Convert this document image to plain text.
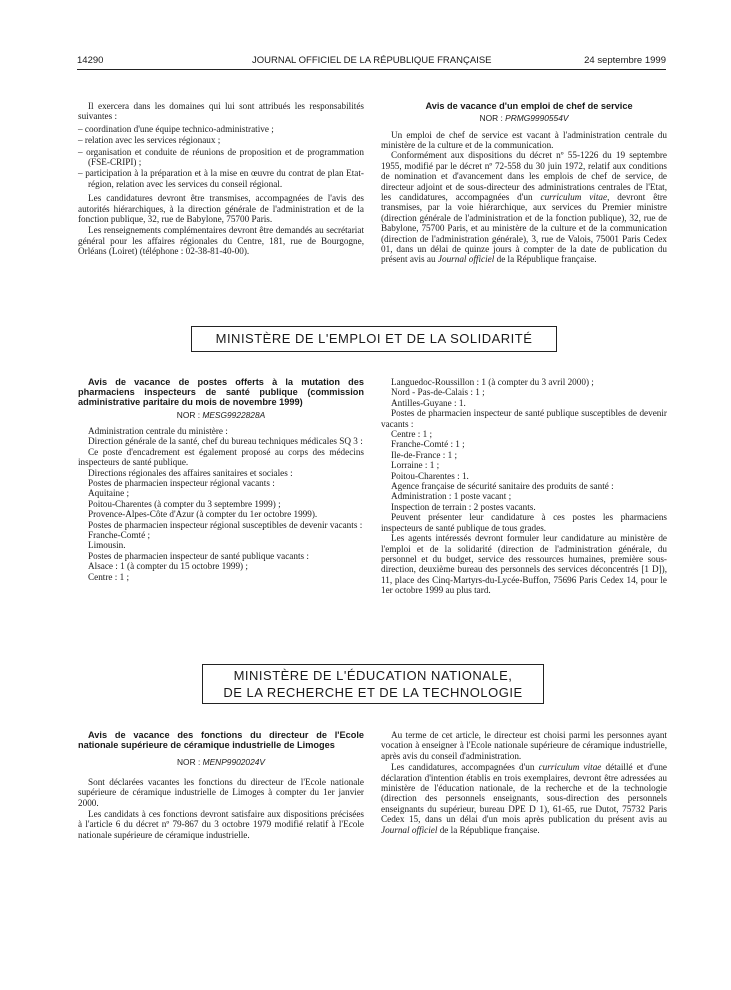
14290	JOURNAL OFFICIEL DE LA RÉPUBLIQUE FRANÇAISE	24 septembre 1999

Il exercera dans les domaines qui lui sont attribués les responsabilités suivantes :

– coordination d'une équipe technico-administrative ;
– relation avec les services régionaux ;
– organisation et conduite de réunions de proposition et de programmation (FSE-CRIPI) ;
– participation à la préparation et à la mise en œuvre du contrat de plan Etat-région, relation avec les services du conseil régional.

Les candidatures devront être transmises, accompagnées de l'avis des autorités hiérarchiques, à la direction générale de l'administration et de la fonction publique, 32, rue de Babylone, 75700 Paris.

Les renseignements complémentaires devront être demandés au secrétariat général pour les affaires régionales du Centre, 181, rue de Bourgogne, Orléans (Loiret) (téléphone : 02-38-81-40-00).

Avis de vacance d'un emploi de chef de service

NOR : PRMG9990554V

Un emploi de chef de service est vacant à l'administration centrale du ministère de la culture et de la communication.

Conformément aux dispositions du décret nº 55-1226 du 19 septembre 1955, modifié par le décret nº 72-558 du 30 juin 1972, relatif aux conditions de nomination et d'avancement dans les emplois de chef de service, de directeur adjoint et de sous-directeur des administrations centrales de l'Etat, les candidatures, accompagnées d'un curriculum vitae, devront être transmises, par la voie hiérarchique, aux services du Premier ministre (direction générale de l'administration et de la fonction publique), 32, rue de Babylone, 75700 Paris, et au ministère de la culture et de la communication (direction de l'administration générale), 3, rue de Valois, 75001 Paris Cedex 01, dans un délai de quinze jours à compter de la date de publication du présent avis au Journal officiel de la République française.

MINISTÈRE DE L'EMPLOI ET DE LA SOLIDARITÉ

Avis de vacance de postes offerts à la mutation des pharmaciens inspecteurs de santé publique (commission administrative paritaire du mois de novembre 1999)

NOR : MESG9922828A

Administration centrale du ministère :

Direction générale de la santé, chef du bureau techniques médicales SQ 3 :

Ce poste d'encadrement est également proposé au corps des médecins inspecteurs de santé publique.

Directions régionales des affaires sanitaires et sociales :

Postes de pharmacien inspecteur régional vacants :

Aquitaine ;

Poitou-Charentes (à compter du 3 septembre 1999) ;

Provence-Alpes-Côte d'Azur (à compter du 1er octobre 1999).

Postes de pharmacien inspecteur régional susceptibles de devenir vacants :

Franche-Comté ;

Limousin.

Postes de pharmacien inspecteur de santé publique vacants :

Alsace : 1 (à compter du 15 octobre 1999) ;

Centre : 1 ;

Languedoc-Roussillon : 1 (à compter du 3 avril 2000) ;

Nord - Pas-de-Calais : 1 ;

Antilles-Guyane : 1.

Postes de pharmacien inspecteur de santé publique susceptibles de devenir vacants :

Centre : 1 ;

Franche-Comté : 1 ;

Ile-de-France : 1 ;

Lorraine : 1 ;

Poitou-Charentes : 1.

Agence française de sécurité sanitaire des produits de santé :

Administration : 1 poste vacant ;

Inspection de terrain : 2 postes vacants.

Peuvent présenter leur candidature à ces postes les pharmaciens inspecteurs de santé publique de tous grades.

Les agents intéressés devront formuler leur candidature au ministère de l'emploi et de la solidarité (direction de l'administration générale, du personnel et du budget, service des ressources humaines, première sous-direction, deuxième bureau des personnels des services déconcentrés [1 D]), 11, place des Cinq-Martyrs-du-Lycée-Buffon, 75696 Paris Cedex 14, pour le 1er octobre 1999 au plus tard.

MINISTÈRE DE L'ÉDUCATION NATIONALE,
DE LA RECHERCHE ET DE LA TECHNOLOGIE

Avis de vacance des fonctions du directeur de l'Ecole nationale supérieure de céramique industrielle de Limoges

NOR : MENP9902024V

Sont déclarées vacantes les fonctions du directeur de l'Ecole nationale supérieure de céramique industrielle de Limoges à compter du 1er janvier 2000.

Les candidats à ces fonctions devront satisfaire aux dispositions précisées à l'article 6 du décret nº 79-867 du 3 octobre 1979 modifié relatif à l'Ecole nationale supérieure de céramique industrielle.

Au terme de cet article, le directeur est choisi parmi les personnes ayant vocation à enseigner à l'Ecole nationale supérieure de céramique industrielle, après avis du conseil d'administration.

Les candidatures, accompagnées d'un curriculum vitae détaillé et d'une déclaration d'intention établis en trois exemplaires, devront être adressées au ministère de l'éducation nationale, de la recherche et de la technologie (direction des personnels enseignants, sous-direction des personnels enseignants du supérieur, bureau DPE D 1), 61-65, rue Dutot, 75732 Paris Cedex 15, dans un délai d'un mois après publication du présent avis au Journal officiel de la République française.
